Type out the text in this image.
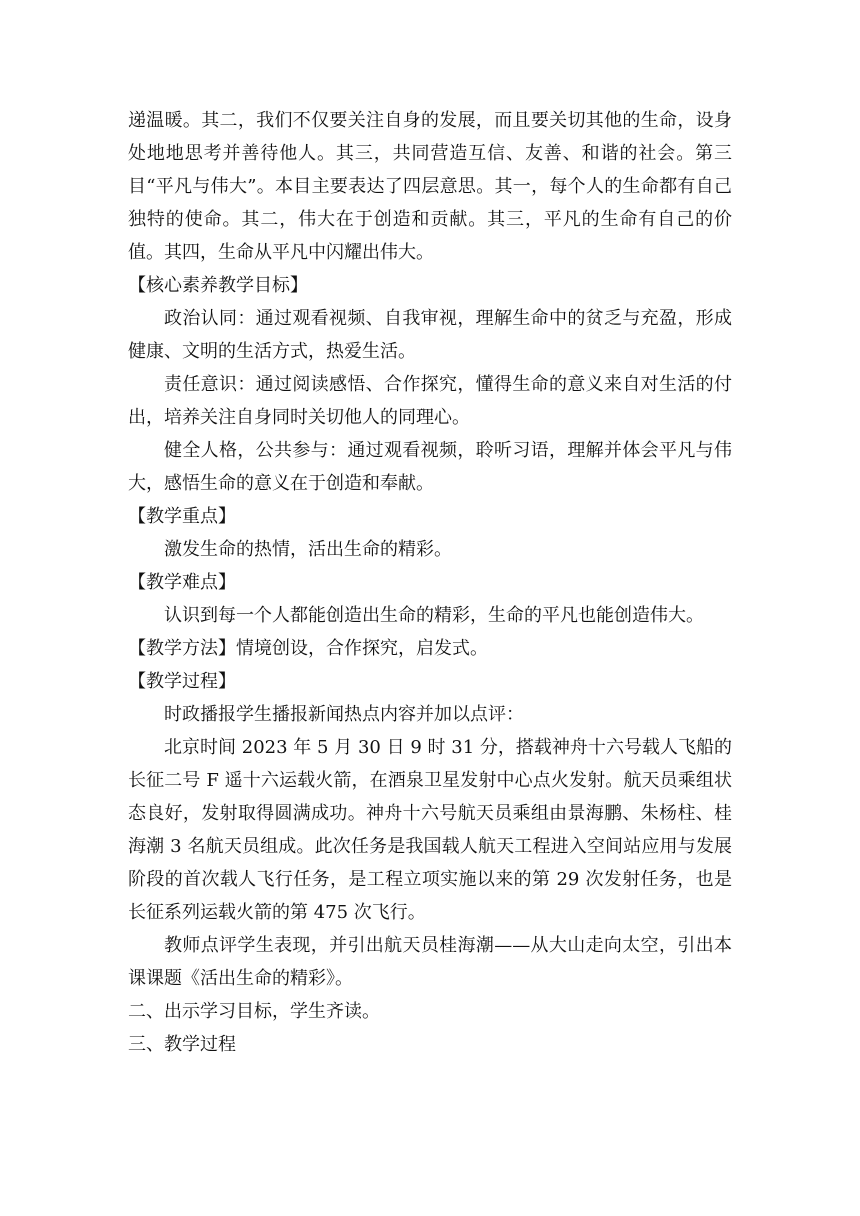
递温暖。其二，我们不仅要关注自身的发展，而且要关切其他的生命，设身处地地思考并善待他人。其三，共同营造互信、友善、和谐的社会。第三目“平凡与伟大”。本目主要表达了四层意思。其一，每个人的生命都有自己独特的使命。其二，伟大在于创造和贡献。其三，平凡的生命有自己的价值。其四，生命从平凡中闪耀出伟大。

【核心素养教学目标】

政治认同：通过观看视频、自我审视，理解生命中的贫乏与充盈，形成健康、文明的生活方式，热爱生活。

责任意识：通过阅读感悟、合作探究，懂得生命的意义来自对生活的付出，培养关注自身同时关切他人的同理心。

健全人格，公共参与：通过观看视频，聆听习语，理解并体会平凡与伟大，感悟生命的意义在于创造和奉献。

【教学重点】

激发生命的热情，活出生命的精彩。

【教学难点】

认识到每一个人都能创造出生命的精彩，生命的平凡也能创造伟大。

【教学方法】情境创设，合作探究，启发式。

【教学过程】

时政播报学生播报新闻热点内容并加以点评：

北京时间 2023 年 5 月 30 日 9 时 31 分，搭载神舟十六号载人飞船的长征二号 F 遥十六运载火箭，在酒泉卫星发射中心点火发射。航天员乘组状态良好，发射取得圆满成功。神舟十六号航天员乘组由景海鹏、朱杨柱、桂海潮 3 名航天员组成。此次任务是我国载人航天工程进入空间站应用与发展阶段的首次载人飞行任务，是工程立项实施以来的第 29 次发射任务，也是长征系列运载火箭的第 475 次飞行。

教师点评学生表现，并引出航天员桂海潮——从大山走向太空，引出本课课题《活出生命的精彩》。

二、出示学习目标，学生齐读。

三、教学过程
